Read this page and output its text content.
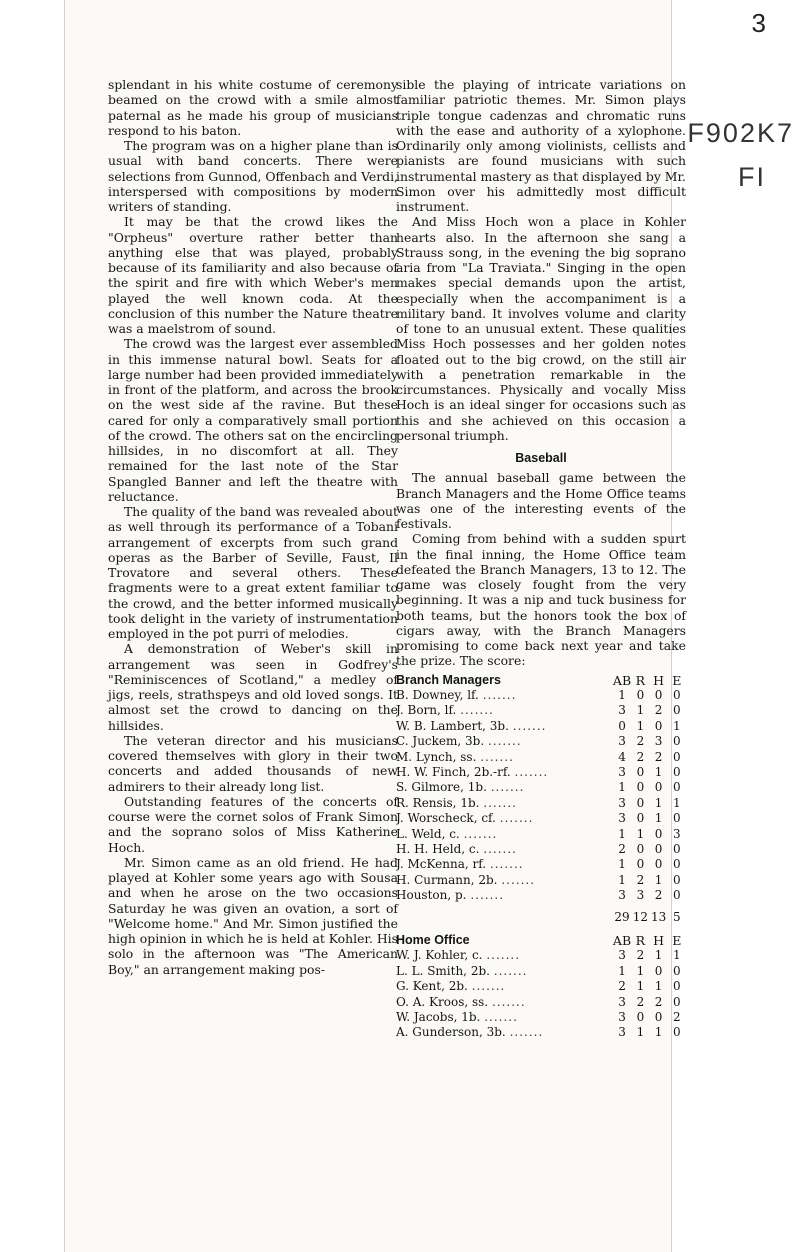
3
F902K7
FI

splendant in his white costume of ceremony beamed on the crowd with a smile almost paternal as he made his group of musicians respond to his baton.

The program was on a higher plane than is usual with band concerts. There were selections from Gunnod, Offenbach and Verdi, interspersed with compositions by modern writers of standing.

It may be that the crowd likes the "Orpheus" overture rather better than anything else that was played, probably because of its familiarity and also because of the spirit and fire with which Weber's men played the well known coda. At the conclusion of this number the Nature theatre was a maelstrom of sound.

The crowd was the largest ever assembled in this immense natural bowl. Seats for a large number had been provided immediately in front of the platform, and across the brook on the west side af the ravine. But these cared for only a comparatively small portion of the crowd. The others sat on the encircling hillsides, in no discomfort at all. They remained for the last note of the Star Spangled Banner and left the theatre with reluctance.

The quality of the band was revealed about as well through its performance of a Tobani arrangement of excerpts from such grand operas as the Barber of Seville, Faust, Il Trovatore and several others. These fragments were to a great extent familiar to the crowd, and the better informed musically took delight in the variety of instrumentation employed in the pot purri of melodies.

A demonstration of Weber's skill in arrangement was seen in Godfrey's "Reminiscences of Scotland," a medley of jigs, reels, strathspeys and old loved songs. It almost set the crowd to dancing on the hillsides.

The veteran director and his musicians covered themselves with glory in their two concerts and added thousands of new admirers to their already long list.

Outstanding features of the concerts of course were the cornet solos of Frank Simon and the soprano solos of Miss Katherine Hoch.

Mr. Simon came as an old friend. He had played at Kohler some years ago with Sousa and when he arose on the two occasions Saturday he was given an ovation, a sort of "Welcome home." And Mr. Simon justified the high opinion in which he is held at Kohler. His solo in the afternoon was "The American Boy," an arrangement making pos-

sible the playing of intricate variations on familiar patriotic themes. Mr. Simon plays triple tongue cadenzas and chromatic runs with the ease and authority of a xylophone. Ordinarily only among violinists, cellists and pianists are found musicians with such instrumental mastery as that displayed by Mr. Simon over his admittedly most difficult instrument.

And Miss Hoch won a place in Kohler hearts also. In the afternoon she sang a Strauss song, in the evening the big soprano aria from "La Traviata." Singing in the open makes special demands upon the artist, especially when the accompaniment is a military band. It involves volume and clarity of tone to an unusual extent. These qualities Miss Hoch possesses and her golden notes floated out to the big crowd, on the still air with a penetration remarkable in the circumstances. Physically and vocally Miss Hoch is an ideal singer for occasions such as this and she achieved on this occasion a personal triumph.

Baseball

The annual baseball game between the Branch Managers and the Home Office teams was one of the interesting events of the festivals.

Coming from behind with a sudden spurt in the final inning, the Home Office team defeated the Branch Managers, 13 to 12. The game was closely fought from the very beginning. It was a nip and tuck business for both teams, but the honors took the box of cigars away, with the Branch Managers promising to come back next year and take the prize. The score:

Branch Managers	AB	R	H	E
B. Downey, lf. .......	1	0	0	0
J. Born, lf. .......	3	1	2	0
W. B. Lambert, 3b. .......	0	1	0	1
C. Juckem, 3b. .......	3	2	3	0
M. Lynch, ss. .......	4	2	2	0
H. W. Finch, 2b.-rf. .......	3	0	1	0
S. Gilmore, 1b. .......	1	0	0	0
R. Rensis, 1b. .......	3	0	1	1
J. Worscheck, cf. .......	3	0	1	0
L. Weld, c. .......	1	1	0	3
H. H. Held, c. .......	2	0	0	0
J. McKenna, rf. .......	1	0	0	0
H. Curmann, 2b. .......	1	2	1	0
Houston, p. .......	3	3	2	0
	29	12	13	5
Home Office	AB	R	H	E
W. J. Kohler, c. .......	3	2	1	1
L. L. Smith, 2b. .......	1	1	0	0
G. Kent, 2b. .......	2	1	1	0
O. A. Kroos, ss. .......	3	2	2	0
W. Jacobs, 1b. .......	3	0	0	2
A. Gunderson, 3b. .......	3	1	1	0
